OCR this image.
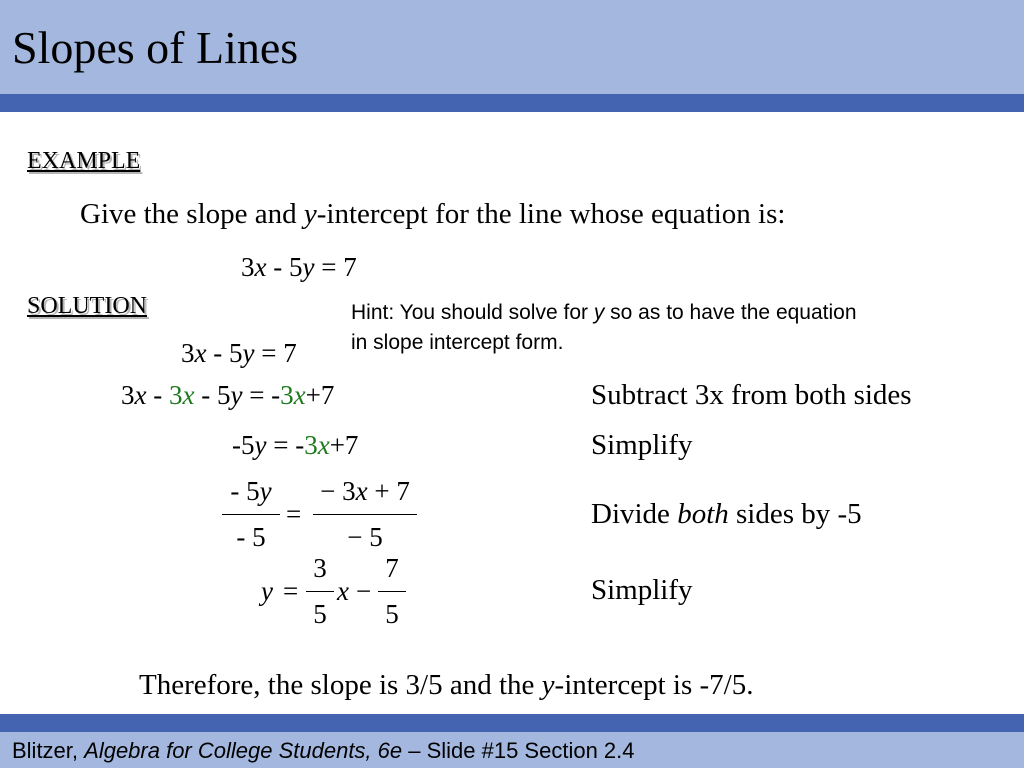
Slopes of Lines
EXAMPLE
Give the slope and y-intercept for the line whose equation is:
3x - 5y = 7
SOLUTION	Hint: You should solve for y so as to have the equation
in slope intercept form.
3x - 5y = 7
3x - 3x - 5y = -3x+7
-5y = -3x+7
- 5y
- 5
=
− 3x + 7
− 5
y =
3
5
x −
7
5
Subtract 3x from both sides
Simplify
Divide both sides by -5
Simplify
Therefore, the slope is 3/5 and the y-intercept is -7/5.
Blitzer, Algebra for College Students, 6e – Slide #15 Section 2.4
